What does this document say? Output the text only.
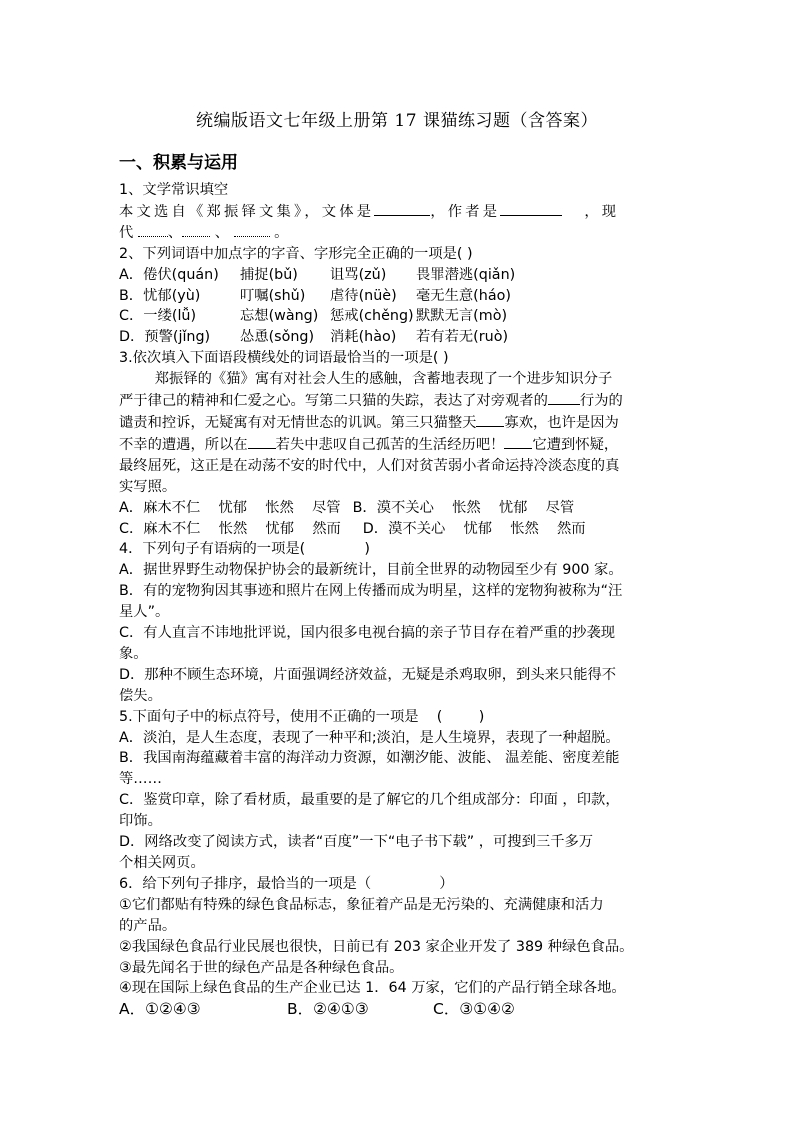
统编版语文七年级上册第 17 课猫练习题（含答案）
一、积累与运用
1、文学常识填空
本文选自《郑振铎文集》，文体是	，作者是	，现
代 、 、	。
2、下列词语中加点字的字音、字形完全正确的一项是( )
A．倦伏(quán) 捕捉(bǔ) 诅骂(zǔ) 畏罪潜逃(qiǎn)
B．忧郁(yù)	叮嘱(shǔ) 虐待(nüè) 毫无生意(háo)
C．一缕(lǚ)	忘想(wàng) 惩戒(chěng) 默默无言(mò)
D．预警(jǐng) 怂恿(sǒng) 消耗(hào) 若有若无(ruò)
3.依次填入下面语段横线处的词语最恰当的一项是( )
郑振铎的《猫》寓有对社会人生的感触，含蓄地表现了一个进步知识分子
严于律己的精神和仁爱之心。写第二只猫的失踪，表达了对旁观者的 行为的
谴责和控诉，无疑寓有对无情世态的讥讽。第三只猫整天 寡欢，也许是因为
不幸的遭遇，所以在 若失中悲叹自己孤苦的生活经历吧！ 它遭到怀疑，
最终屈死，这正是在动荡不安的时代中，人们对贫苦弱小者命运持冷淡态度的真
实写照。
A．麻木不仁    忧郁    怅然    尽管 B．漠不关心    怅然    忧郁    尽管
C．麻木不仁    怅然    忧郁    然而 D．漠不关心    忧郁    怅然    然而
4．下列句子有语病的一项是(             )
A．据世界野生动物保护协会的最新统计，目前全世界的动物园至少有 900 家。
B．有的宠物狗因其事迹和照片在网上传播而成为明星，这样的宠物狗被称为“汪
星人”。
C．有人直言不讳地批评说，国内很多电视台搞的亲子节目存在着严重的抄袭现
象。
D．那种不顾生态环境，片面强调经济效益，无疑是杀鸡取卵，到头来只能得不
偿失。
5.下面句子中的标点符号，使用不正确的一项是    (        )
A．淡泊，是人生态度，表现了一种平和;淡泊，是人生境界，表现了一种超脱。
B．我国南海蕴藏着丰富的海洋动力资源，如潮汐能、波能、 温差能、密度差能
等……
C．鉴赏印章，除了看材质，最重要的是了解它的几个组成部分：印面 ，印款，
印饰。
D．网络改变了阅读方式，读者“百度”一下“电子书下载” ，可搜到三千多万
个相关网页。
6．给下列句子排序，最恰当的一项是（               ）
①它们都贴有特殊的绿色食品标志，象征着产品是无污染的、充满健康和活力
的产品。
②我国绿色食品行业民展也很快，日前已有 203 家企业开发了 389 种绿色食品。
③最先闻名于世的绿色产品是各种绿色食品。
④现在国际上绿色食品的生产企业已达 1．64 万家，它们的产品行销全球各地。
A．①②④③	B．②④①③	C．③①④②
